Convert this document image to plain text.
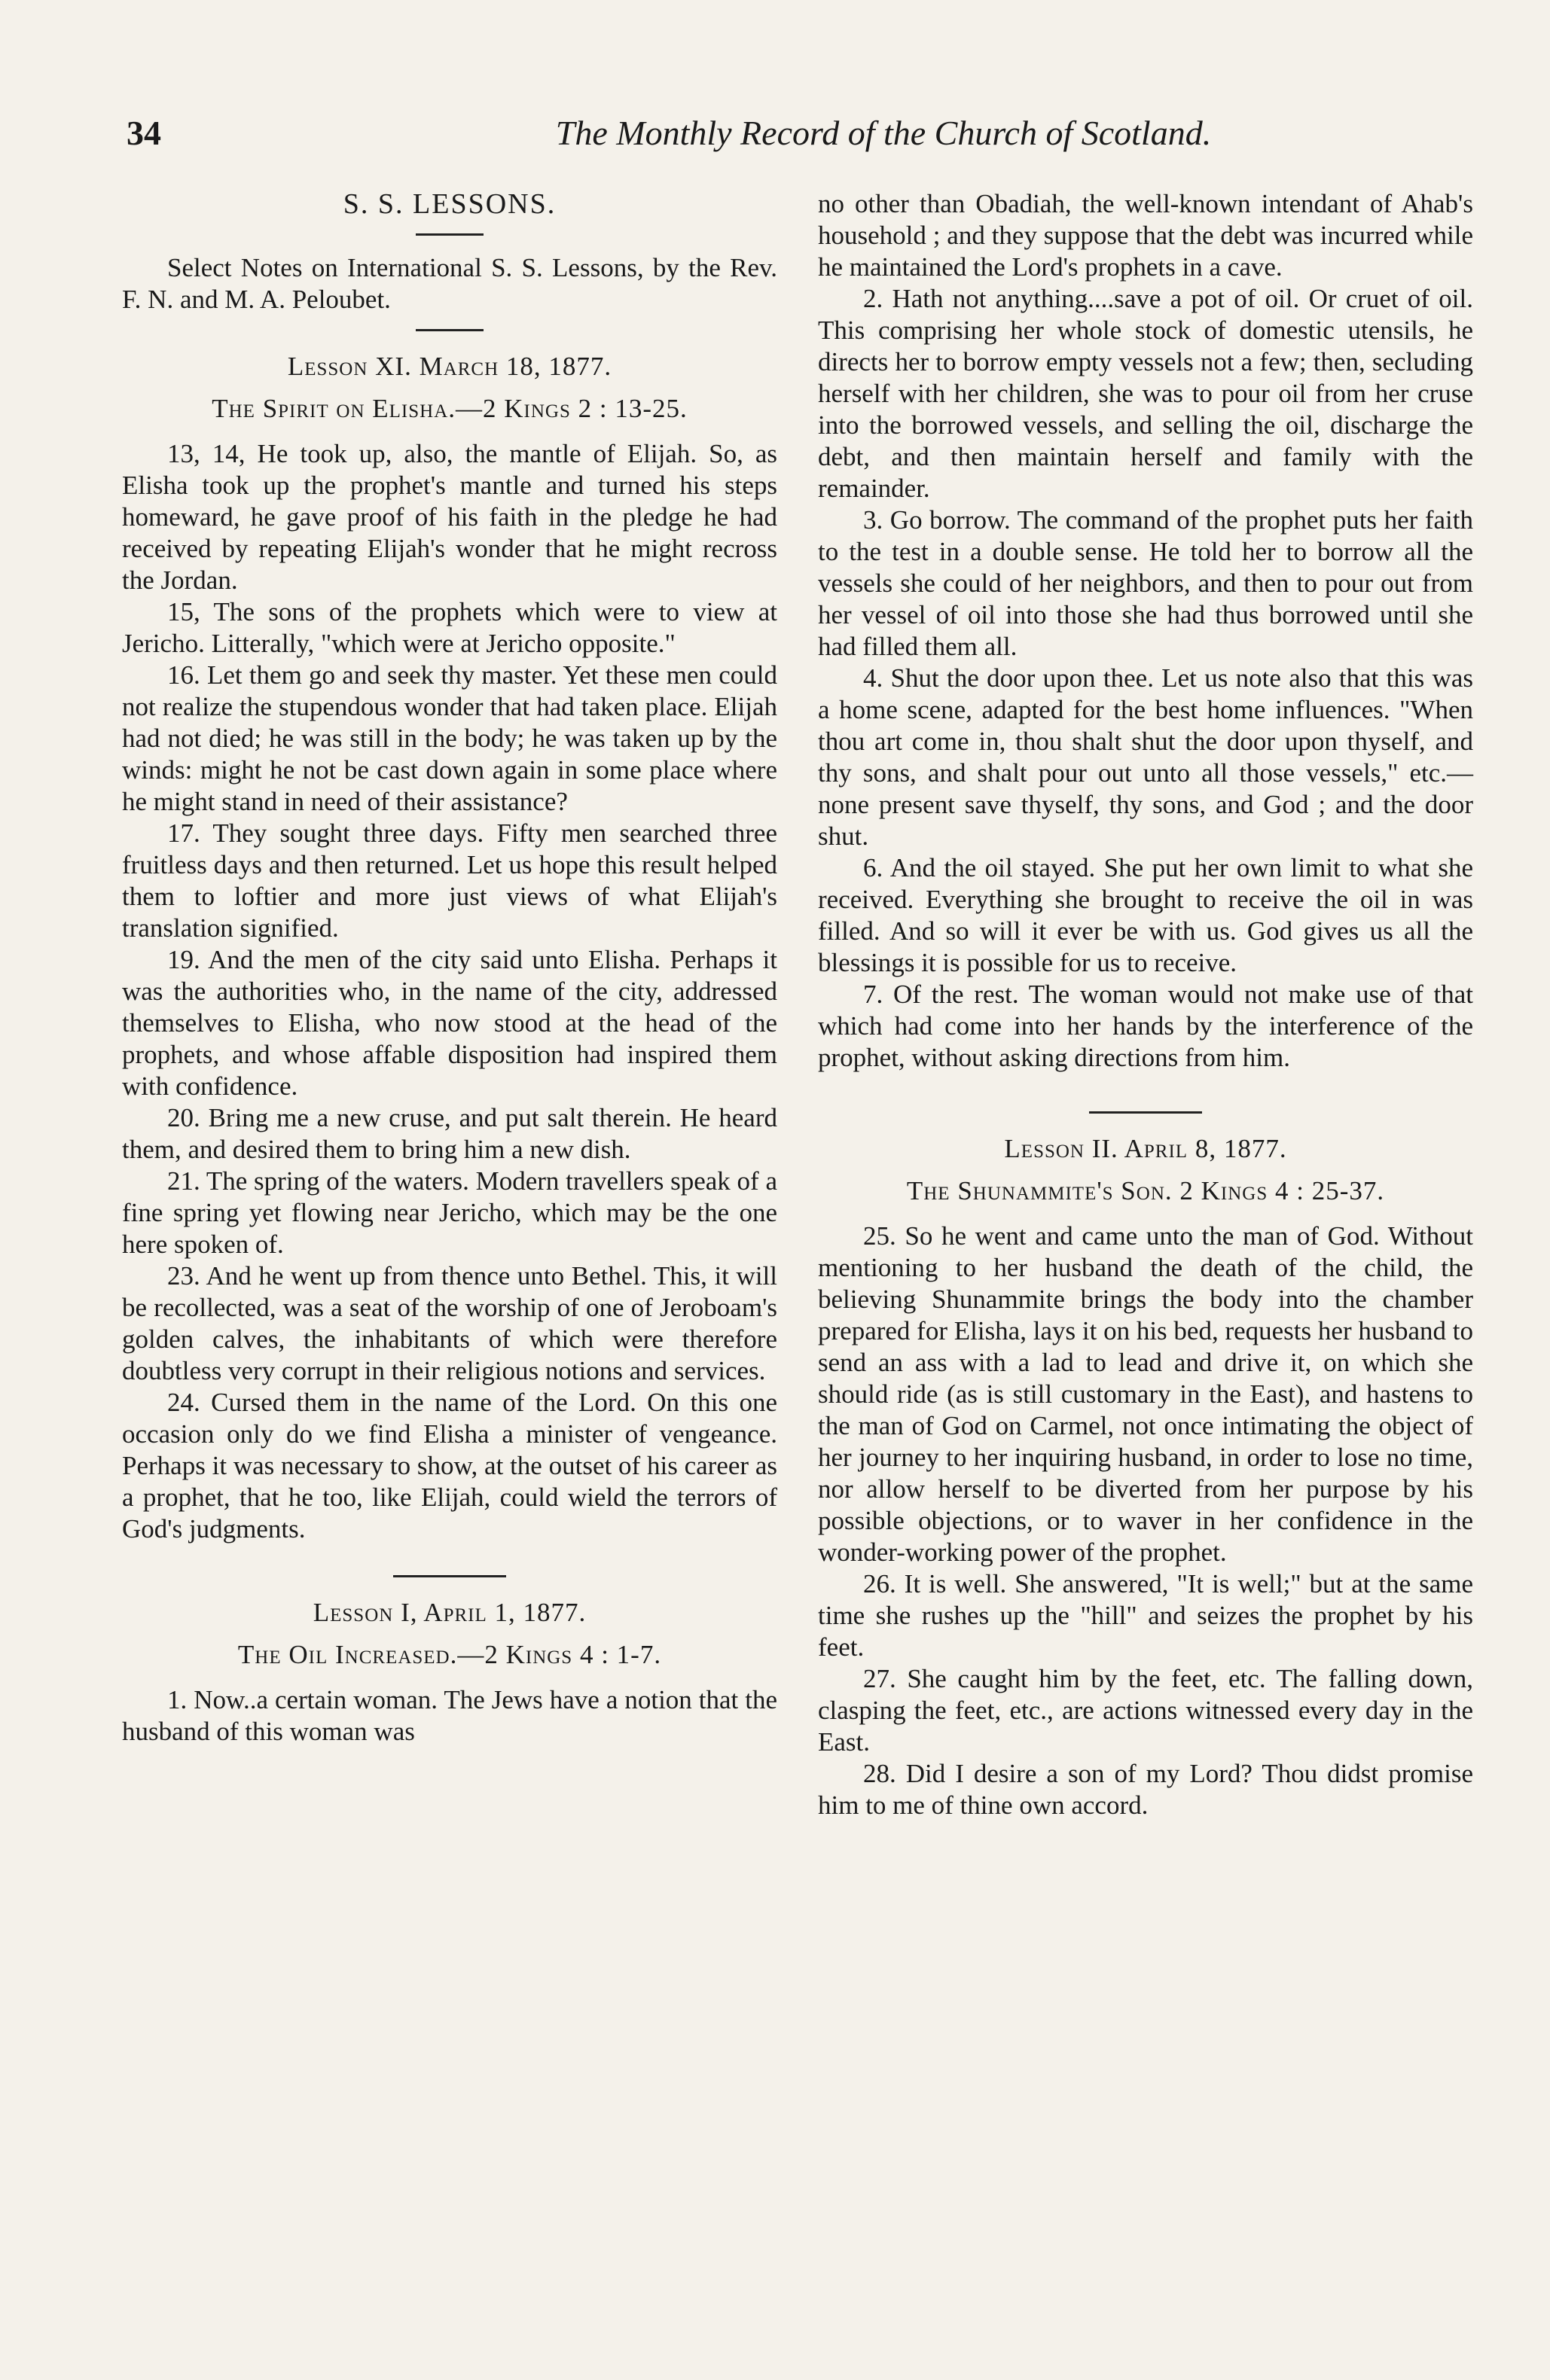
34	The Monthly Record of the Church of Scotland.

S. S. LESSONS.

Select Notes on International S. S. Lessons, by the Rev. F. N. and M. A. Peloubet.

Lesson XI. March 18, 1877.

The Spirit on Elisha.—2 Kings 2 : 13-25.

13, 14, He took up, also, the mantle of Elijah. So, as Elisha took up the prophet's mantle and turned his steps homeward, he gave proof of his faith in the pledge he had received by repeating Elijah's wonder that he might recross the Jordan.

15, The sons of the prophets which were to view at Jericho. Litterally, "which were at Jericho opposite."

16. Let them go and seek thy master. Yet these men could not realize the stupendous wonder that had taken place. Elijah had not died; he was still in the body; he was taken up by the winds: might he not be cast down again in some place where he might stand in need of their assistance?

17. They sought three days. Fifty men searched three fruitless days and then returned. Let us hope this result helped them to loftier and more just views of what Elijah's translation signified.

19. And the men of the city said unto Elisha. Perhaps it was the authorities who, in the name of the city, addressed themselves to Elisha, who now stood at the head of the prophets, and whose affable disposition had inspired them with confidence.

20. Bring me a new cruse, and put salt therein. He heard them, and desired them to bring him a new dish.

21. The spring of the waters. Modern travellers speak of a fine spring yet flowing near Jericho, which may be the one here spoken of.

23. And he went up from thence unto Bethel. This, it will be recollected, was a seat of the worship of one of Jeroboam's golden calves, the inhabitants of which were therefore doubtless very corrupt in their religious notions and services.

24. Cursed them in the name of the Lord. On this one occasion only do we find Elisha a minister of vengeance. Perhaps it was necessary to show, at the outset of his career as a prophet, that he too, like Elijah, could wield the terrors of God's judgments.

Lesson I, April 1, 1877.

The Oil Increased.—2 Kings 4 : 1-7.

1. Now..a certain woman. The Jews have a notion that the husband of this woman was

no other than Obadiah, the well-known intendant of Ahab's household ; and they suppose that the debt was incurred while he maintained the Lord's prophets in a cave.

2. Hath not anything....save a pot of oil. Or cruet of oil. This comprising her whole stock of domestic utensils, he directs her to borrow empty vessels not a few; then, secluding herself with her children, she was to pour oil from her cruse into the borrowed vessels, and selling the oil, discharge the debt, and then maintain herself and family with the remainder.

3. Go borrow. The command of the prophet puts her faith to the test in a double sense. He told her to borrow all the vessels she could of her neighbors, and then to pour out from her vessel of oil into those she had thus borrowed until she had filled them all.

4. Shut the door upon thee. Let us note also that this was a home scene, adapted for the best home influences. "When thou art come in, thou shalt shut the door upon thyself, and thy sons, and shalt pour out unto all those vessels," etc.—none present save thyself, thy sons, and God ; and the door shut.

6. And the oil stayed. She put her own limit to what she received. Everything she brought to receive the oil in was filled. And so will it ever be with us. God gives us all the blessings it is possible for us to receive.

7. Of the rest. The woman would not make use of that which had come into her hands by the interference of the prophet, without asking directions from him.

Lesson II. April 8, 1877.

The Shunammite's Son. 2 Kings 4 : 25-37.

25. So he went and came unto the man of God. Without mentioning to her husband the death of the child, the believing Shunammite brings the body into the chamber prepared for Elisha, lays it on his bed, requests her husband to send an ass with a lad to lead and drive it, on which she should ride (as is still customary in the East), and hastens to the man of God on Carmel, not once intimating the object of her journey to her inquiring husband, in order to lose no time, nor allow herself to be diverted from her purpose by his possible objections, or to waver in her confidence in the wonder-working power of the prophet.

26. It is well. She answered, "It is well;" but at the same time she rushes up the "hill" and seizes the prophet by his feet.

27. She caught him by the feet, etc. The falling down, clasping the feet, etc., are actions witnessed every day in the East.

28. Did I desire a son of my Lord? Thou didst promise him to me of thine own accord.
